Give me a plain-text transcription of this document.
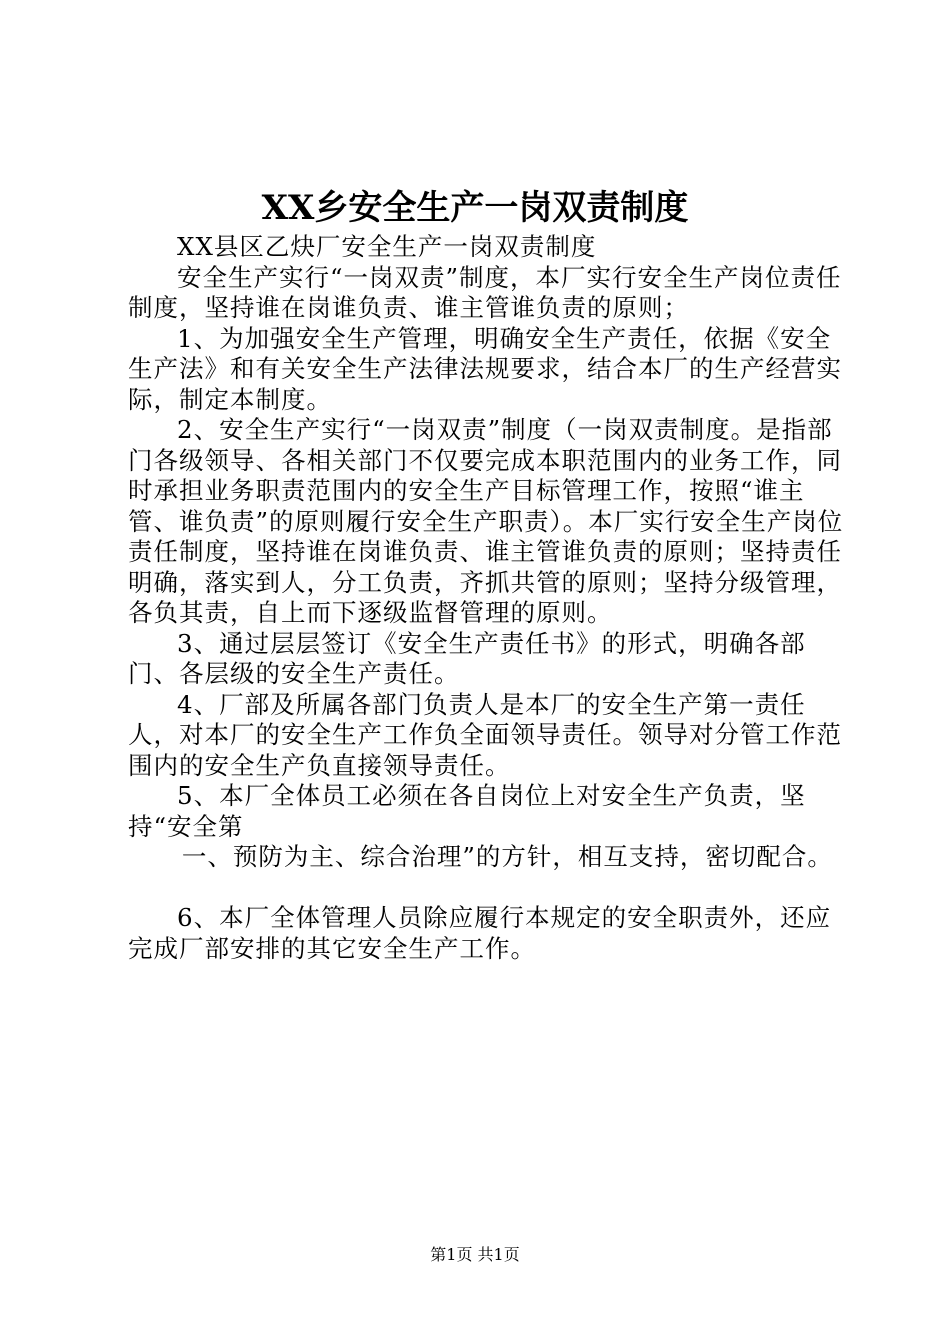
XX乡安全生产一岗双责制度

XX县区乙炔厂安全生产一岗双责制度

安全生产实行“一岗双责”制度，本厂实行安全生产岗位责任制度，坚持谁在岗谁负责、谁主管谁负责的原则；

1、为加强安全生产管理，明确安全生产责任，依据《安全生产法》和有关安全生产法律法规要求，结合本厂的生产经营实际，制定本制度。

2、安全生产实行“一岗双责”制度（一岗双责制度。是指部门各级领导、各相关部门不仅要完成本职范围内的业务工作，同时承担业务职责范围内的安全生产目标管理工作，按照“谁主管、谁负责”的原则履行安全生产职责）。本厂实行安全生产岗位责任制度，坚持谁在岗谁负责、谁主管谁负责的原则；坚持责任明确，落实到人，分工负责，齐抓共管的原则；坚持分级管理，各负其责，自上而下逐级监督管理的原则。

3、通过层层签订《安全生产责任书》的形式，明确各部门、各层级的安全生产责任。

4、厂部及所属各部门负责人是本厂的安全生产第一责任人，对本厂的安全生产工作负全面领导责任。领导对分管工作范围内的安全生产负直接领导责任。

5、本厂全体员工必须在各自岗位上对安全生产负责，坚持“安全第

一、预防为主、综合治理”的方针，相互支持，密切配合。

6、本厂全体管理人员除应履行本规定的安全职责外，还应完成厂部安排的其它安全生产工作。

第1页 共1页
